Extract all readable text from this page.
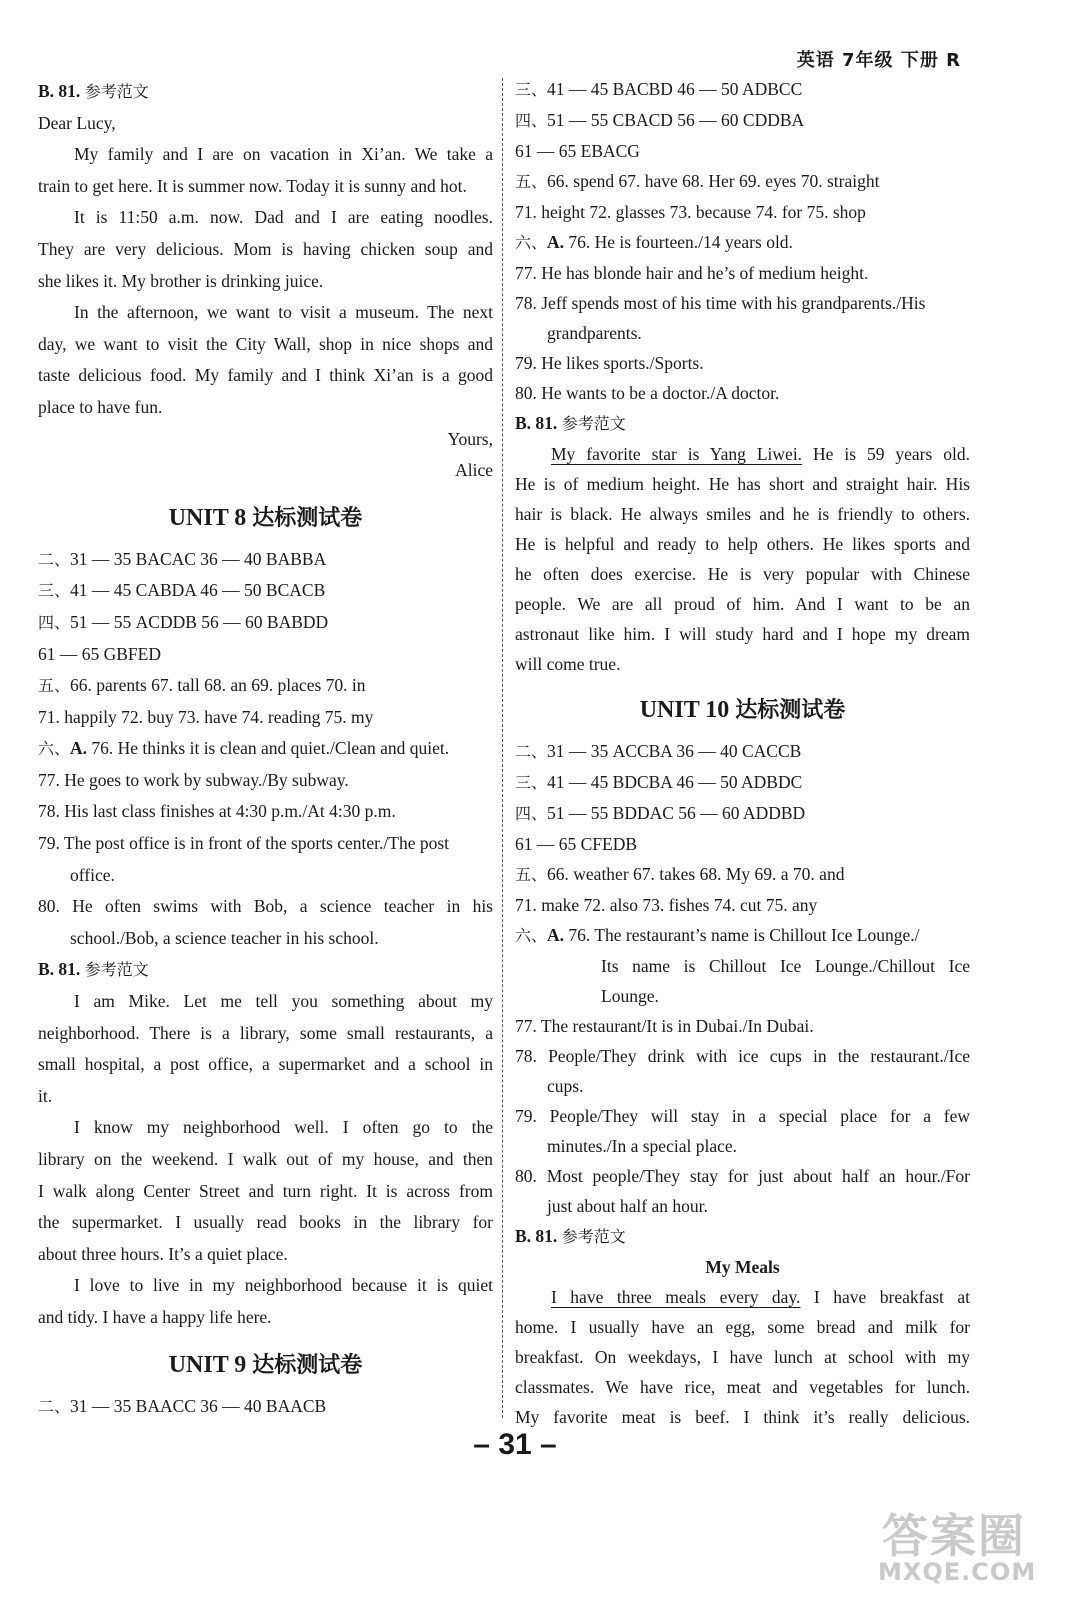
英语 7年级 下册 R
B. 81. 参考范文
Dear Lucy,
My family and I are on vacation in Xi’an. We take a
train to get here. It is summer now. Today it is sunny and hot.
It is 11:50 a.m. now. Dad and I are eating noodles.
They are very delicious. Mom is having chicken soup and
she likes it. My brother is drinking juice.
In the afternoon, we want to visit a museum. The next
day, we want to visit the City Wall, shop in nice shops and
taste delicious food. My family and I think Xi’an is a good
place to have fun.
Yours,
Alice
UNIT 8 达标测试卷
二、31 — 35 BACAC 36 — 40 BABBA
三、41 — 45 CABDA 46 — 50 BCACB
四、51 — 55 ACDDB 56 — 60 BABDD
61 — 65 GBFED
五、66. parents 67. tall 68. an 69. places 70. in
71. happily 72. buy 73. have 74. reading 75. my
六、A. 76. He thinks it is clean and quiet./Clean and quiet.
77. He goes to work by subway./By subway.
78. His last class finishes at 4:30 p.m./At 4:30 p.m.
79. The post office is in front of the sports center./The post
office.
80. He often swims with Bob, a science teacher in his
school./Bob, a science teacher in his school.
B. 81. 参考范文
I am Mike. Let me tell you something about my
neighborhood. There is a library, some small restaurants, a
small hospital, a post office, a supermarket and a school in
it.
I know my neighborhood well. I often go to the
library on the weekend. I walk out of my house, and then
I walk along Center Street and turn right. It is across from
the supermarket. I usually read books in the library for
about three hours. It’s a quiet place.
I love to live in my neighborhood because it is quiet
and tidy. I have a happy life here.
UNIT 9 达标测试卷
二、31 — 35 BAACC 36 — 40 BAACB
三、41 — 45 BACBD 46 — 50 ADBCC
四、51 — 55 CBACD 56 — 60 CDDBA
61 — 65 EBACG
五、66. spend 67. have 68. Her 69. eyes 70. straight
71. height 72. glasses 73. because 74. for 75. shop
六、A. 76. He is fourteen./14 years old.
77. He has blonde hair and he’s of medium height.
78. Jeff spends most of his time with his grandparents./His
grandparents.
79. He likes sports./Sports.
80. He wants to be a doctor./A doctor.
B. 81. 参考范文
My favorite star is Yang Liwei. He is 59 years old.
He is of medium height. He has short and straight hair. His
hair is black. He always smiles and he is friendly to others.
He is helpful and ready to help others. He likes sports and
he often does exercise. He is very popular with Chinese
people. We are all proud of him. And I want to be an
astronaut like him. I will study hard and I hope my dream
will come true.
UNIT 10 达标测试卷
二、31 — 35 ACCBA 36 — 40 CACCB
三、41 — 45 BDCBA 46 — 50 ADBDC
四、51 — 55 BDDAC 56 — 60 ADDBD
61 — 65 CFEDB
五、66. weather 67. takes 68. My 69. a 70. and
71. make 72. also 73. fishes 74. cut 75. any
六、A. 76. The restaurant’s name is Chillout Ice Lounge./
Its name is Chillout Ice Lounge./Chillout Ice
Lounge.
77. The restaurant/It is in Dubai./In Dubai.
78. People/They drink with ice cups in the restaurant./Ice
cups.
79. People/They will stay in a special place for a few
minutes./In a special place.
80. Most people/They stay for just about half an hour./For
just about half an hour.
B. 81. 参考范文
My Meals
I have three meals every day. I have breakfast at
home. I usually have an egg, some bread and milk for
breakfast. On weekdays, I have lunch at school with my
classmates. We have rice, meat and vegetables for lunch.
My favorite meat is beef. I think it’s really delicious.
– 31 –
答案圈
MXQE.COM
